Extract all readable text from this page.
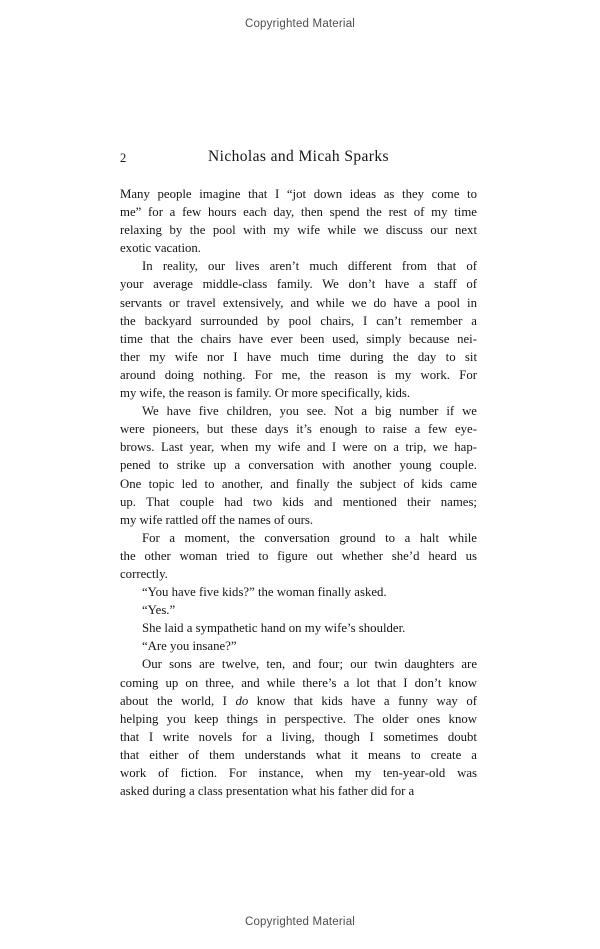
Copyrighted Material
2	Nicholas and Micah Sparks

Many people imagine that I “jot down ideas as they come to
me” for a few hours each day, then spend the rest of my time
relaxing by the pool with my wife while we discuss our next
exotic vacation.

In reality, our lives aren’t much different from that of
your average middle-class family. We don’t have a staff of
servants or travel extensively, and while we do have a pool in
the backyard surrounded by pool chairs, I can’t remember a
time that the chairs have ever been used, simply because nei-
ther my wife nor I have much time during the day to sit
around doing nothing. For me, the reason is my work. For
my wife, the reason is family. Or more specifically, kids.

We have five children, you see. Not a big number if we
were pioneers, but these days it’s enough to raise a few eye-
brows. Last year, when my wife and I were on a trip, we hap-
pened to strike up a conversation with another young couple.
One topic led to another, and finally the subject of kids came
up. That couple had two kids and mentioned their names;
my wife rattled off the names of ours.

For a moment, the conversation ground to a halt while
the other woman tried to figure out whether she’d heard us
correctly.

“You have five kids?” the woman finally asked.

“Yes.”

She laid a sympathetic hand on my wife’s shoulder.

“Are you insane?”

Our sons are twelve, ten, and four; our twin daughters are
coming up on three, and while there’s a lot that I don’t know
about the world, I do know that kids have a funny way of
helping you keep things in perspective. The older ones know
that I write novels for a living, though I sometimes doubt
that either of them understands what it means to create a
work of fiction. For instance, when my ten-year-old was
asked during a class presentation what his father did for a

Copyrighted Material
